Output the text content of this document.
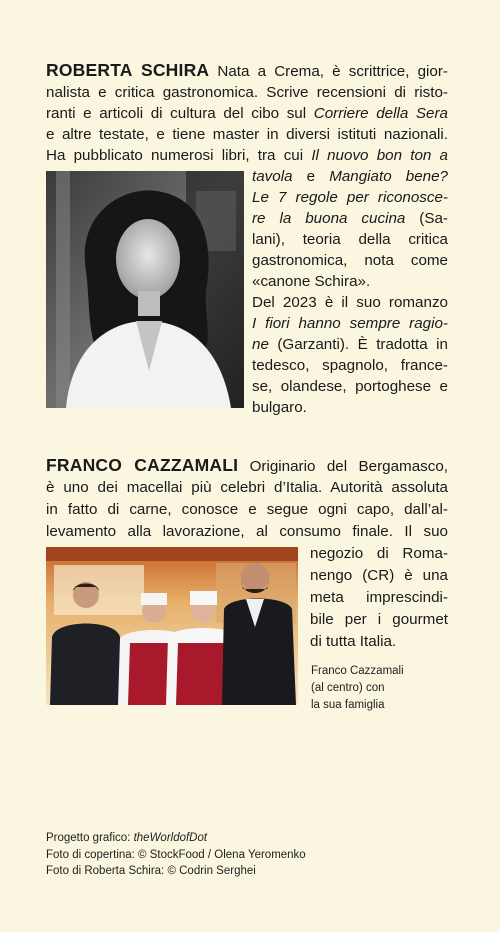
ROBERTA SCHIRA Nata a Crema, è scrittrice, gior-
nalista e critica gastronomica. Scrive recensioni di risto-
ranti e articoli di cultura del cibo sul Corriere della Sera
e altre testate, e tiene master in diversi istituti nazionali.
Ha pubblicato numerosi libri, tra cui Il nuovo bon ton a
tavola e Mangiato bene?
Le 7 regole per riconosce-
re la buona cucina (Sa-
lani), teoria della critica
gastronomica, nota come
«canone Schira».
Del 2023 è il suo romanzo
I fiori hanno sempre ragio-
ne (Garzanti). È tradotta in
tedesco, spagnolo, france-
se, olandese, portoghese e
bulgaro.
FRANCO CAZZAMALI Originario del Bergamasco,
è uno dei macellai più celebri d’Italia. Autorità assoluta
in fatto di carne, conosce e segue ogni capo, dall’al-
levamento alla lavorazione, al consumo finale. Il suo
negozio di Roma-
nengo (CR) è una
meta imprescindi-
bile per i gourmet
di tutta Italia.
Franco Cazzamali
(al centro) con
la sua famiglia
Progetto grafico: theWorldofDot
Foto di copertina: © StockFood / Olena Yeromenko
Foto di Roberta Schira: © Codrin Serghei
